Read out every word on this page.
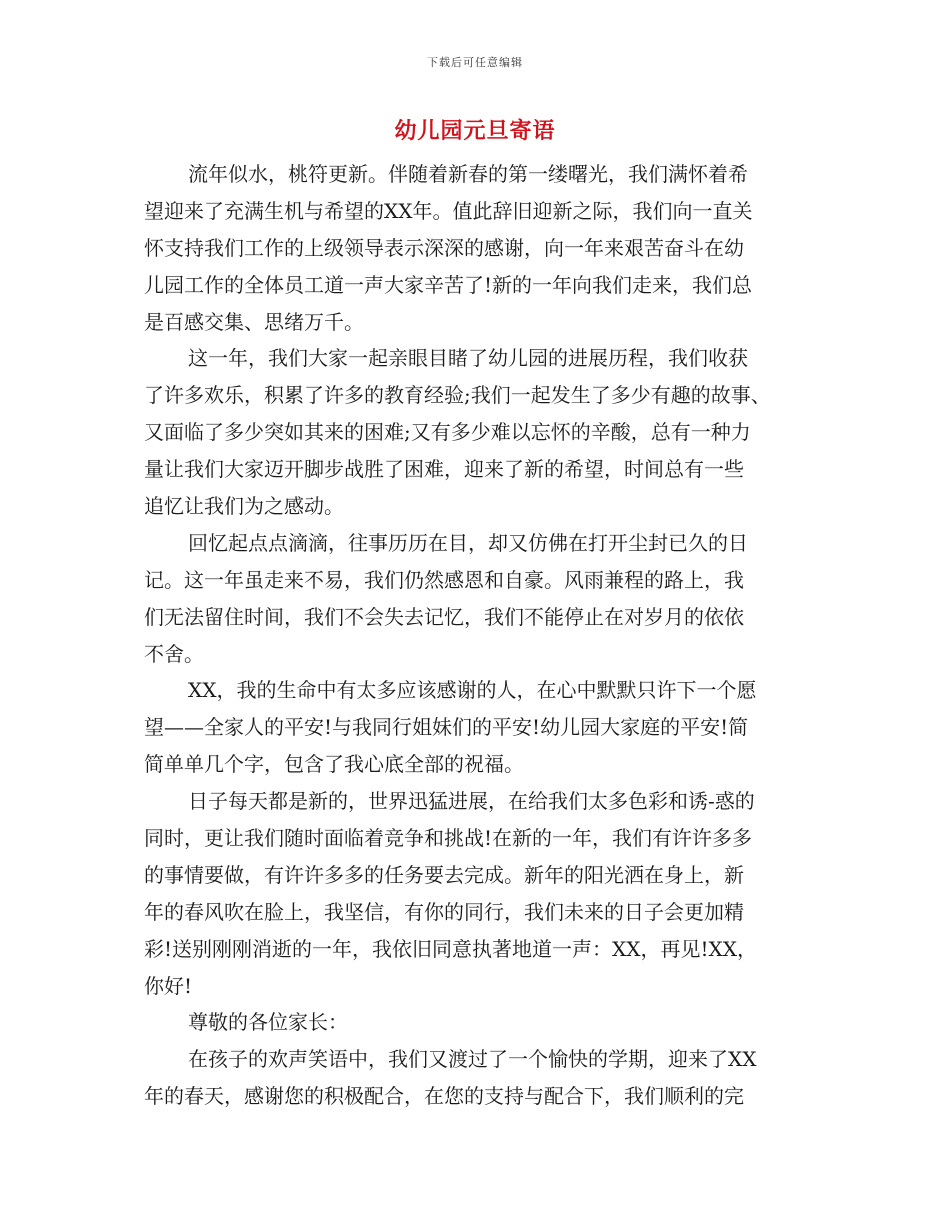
下载后可任意编辑
幼儿园元旦寄语
流年似水，桃符更新。伴随着新春的第一缕曙光，我们满怀着希
望迎来了充满生机与希望的XX年。值此辞旧迎新之际，我们向一直关
怀支持我们工作的上级领导表示深深的感谢，向一年来艰苦奋斗在幼
儿园工作的全体员工道一声大家辛苦了!新的一年向我们走来，我们总
是百感交集、思绪万千。
这一年，我们大家一起亲眼目睹了幼儿园的进展历程，我们收获
了许多欢乐，积累了许多的教育经验;我们一起发生了多少有趣的故事、
又面临了多少突如其来的困难;又有多少难以忘怀的辛酸，总有一种力
量让我们大家迈开脚步战胜了困难，迎来了新的希望，时间总有一些
追忆让我们为之感动。
回忆起点点滴滴，往事历历在目，却又仿佛在打开尘封已久的日
记。这一年虽走来不易，我们仍然感恩和自豪。风雨兼程的路上，我
们无法留住时间，我们不会失去记忆，我们不能停止在对岁月的依依
不舍。
XX，我的生命中有太多应该感谢的人，在心中默默只许下一个愿
望——全家人的平安!与我同行姐妹们的平安!幼儿园大家庭的平安!简
简单单几个字，包含了我心底全部的祝福。
日子每天都是新的，世界迅猛进展，在给我们太多色彩和诱-惑的
同时，更让我们随时面临着竞争和挑战!在新的一年，我们有许许多多
的事情要做，有许许多多的任务要去完成。新年的阳光洒在身上，新
年的春风吹在脸上，我坚信，有你的同行，我们未来的日子会更加精
彩!送别刚刚消逝的一年，我依旧同意执著地道一声：XX，再见!XX，
你好!
尊敬的各位家长：
在孩子的欢声笑语中，我们又渡过了一个愉快的学期，迎来了XX
年的春天，感谢您的积极配合，在您的支持与配合下，我们顺利的完
